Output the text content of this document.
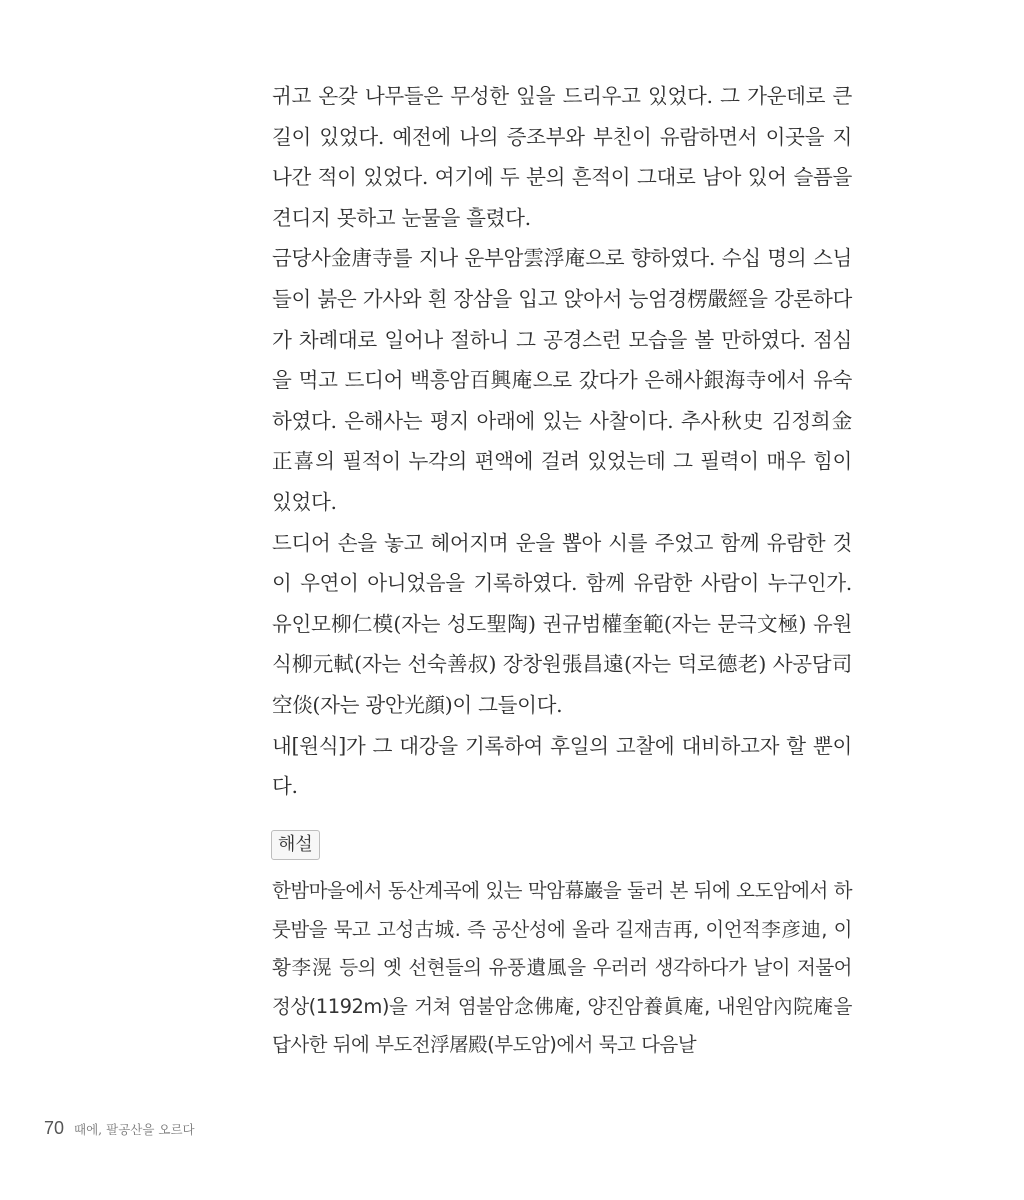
귀고 온갖 나무들은 무성한 잎을 드리우고 있었다. 그 가운데로 큰 길이 있었다. 예전에 나의 증조부와 부친이 유람하면서 이곳을 지나간 적이 있었다. 여기에 두 분의 흔적이 그대로 남아 있어 슬픔을 견디지 못하고 눈물을 흘렸다.

금당사金唐寺를 지나 운부암雲浮庵으로 향하였다. 수십 명의 스님들이 붉은 가사와 흰 장삼을 입고 앉아서 능엄경楞嚴經을 강론하다가 차례대로 일어나 절하니 그 공경스런 모습을 볼 만하였다. 점심을 먹고 드디어 백흥암百興庵으로 갔다가 은해사銀海寺에서 유숙하였다. 은해사는 평지 아래에 있는 사찰이다. 추사秋史 김정희金正喜의 필적이 누각의 편액에 걸려 있었는데 그 필력이 매우 힘이 있었다.

드디어 손을 놓고 헤어지며 운을 뽑아 시를 주었고 함께 유람한 것이 우연이 아니었음을 기록하였다. 함께 유람한 사람이 누구인가. 유인모柳仁模(자는 성도聖陶) 권규범權奎範(자는 문극文極) 유원식柳元軾(자는 선숙善叔) 장창원張昌遠(자는 덕로德老) 사공담司空倓(자는 광안光顔)이 그들이다.

내[원식]가 그 대강을 기록하여 후일의 고찰에 대비하고자 할 뿐이다.

해설

한밤마을에서 동산계곡에 있는 막암幕巖을 둘러 본 뒤에 오도암에서 하룻밤을 묵고 고성古城. 즉 공산성에 올라 길재吉再, 이언적李彦迪, 이황李滉 등의 옛 선현들의 유풍遺風을 우러러 생각하다가 날이 저물어 정상(1192m)을 거쳐 염불암念佛庵, 양진암養眞庵, 내원암內院庵을 답사한 뒤에 부도전浮屠殿(부도암)에서 묵고 다음날

70 때에, 팔공산을 오르다
